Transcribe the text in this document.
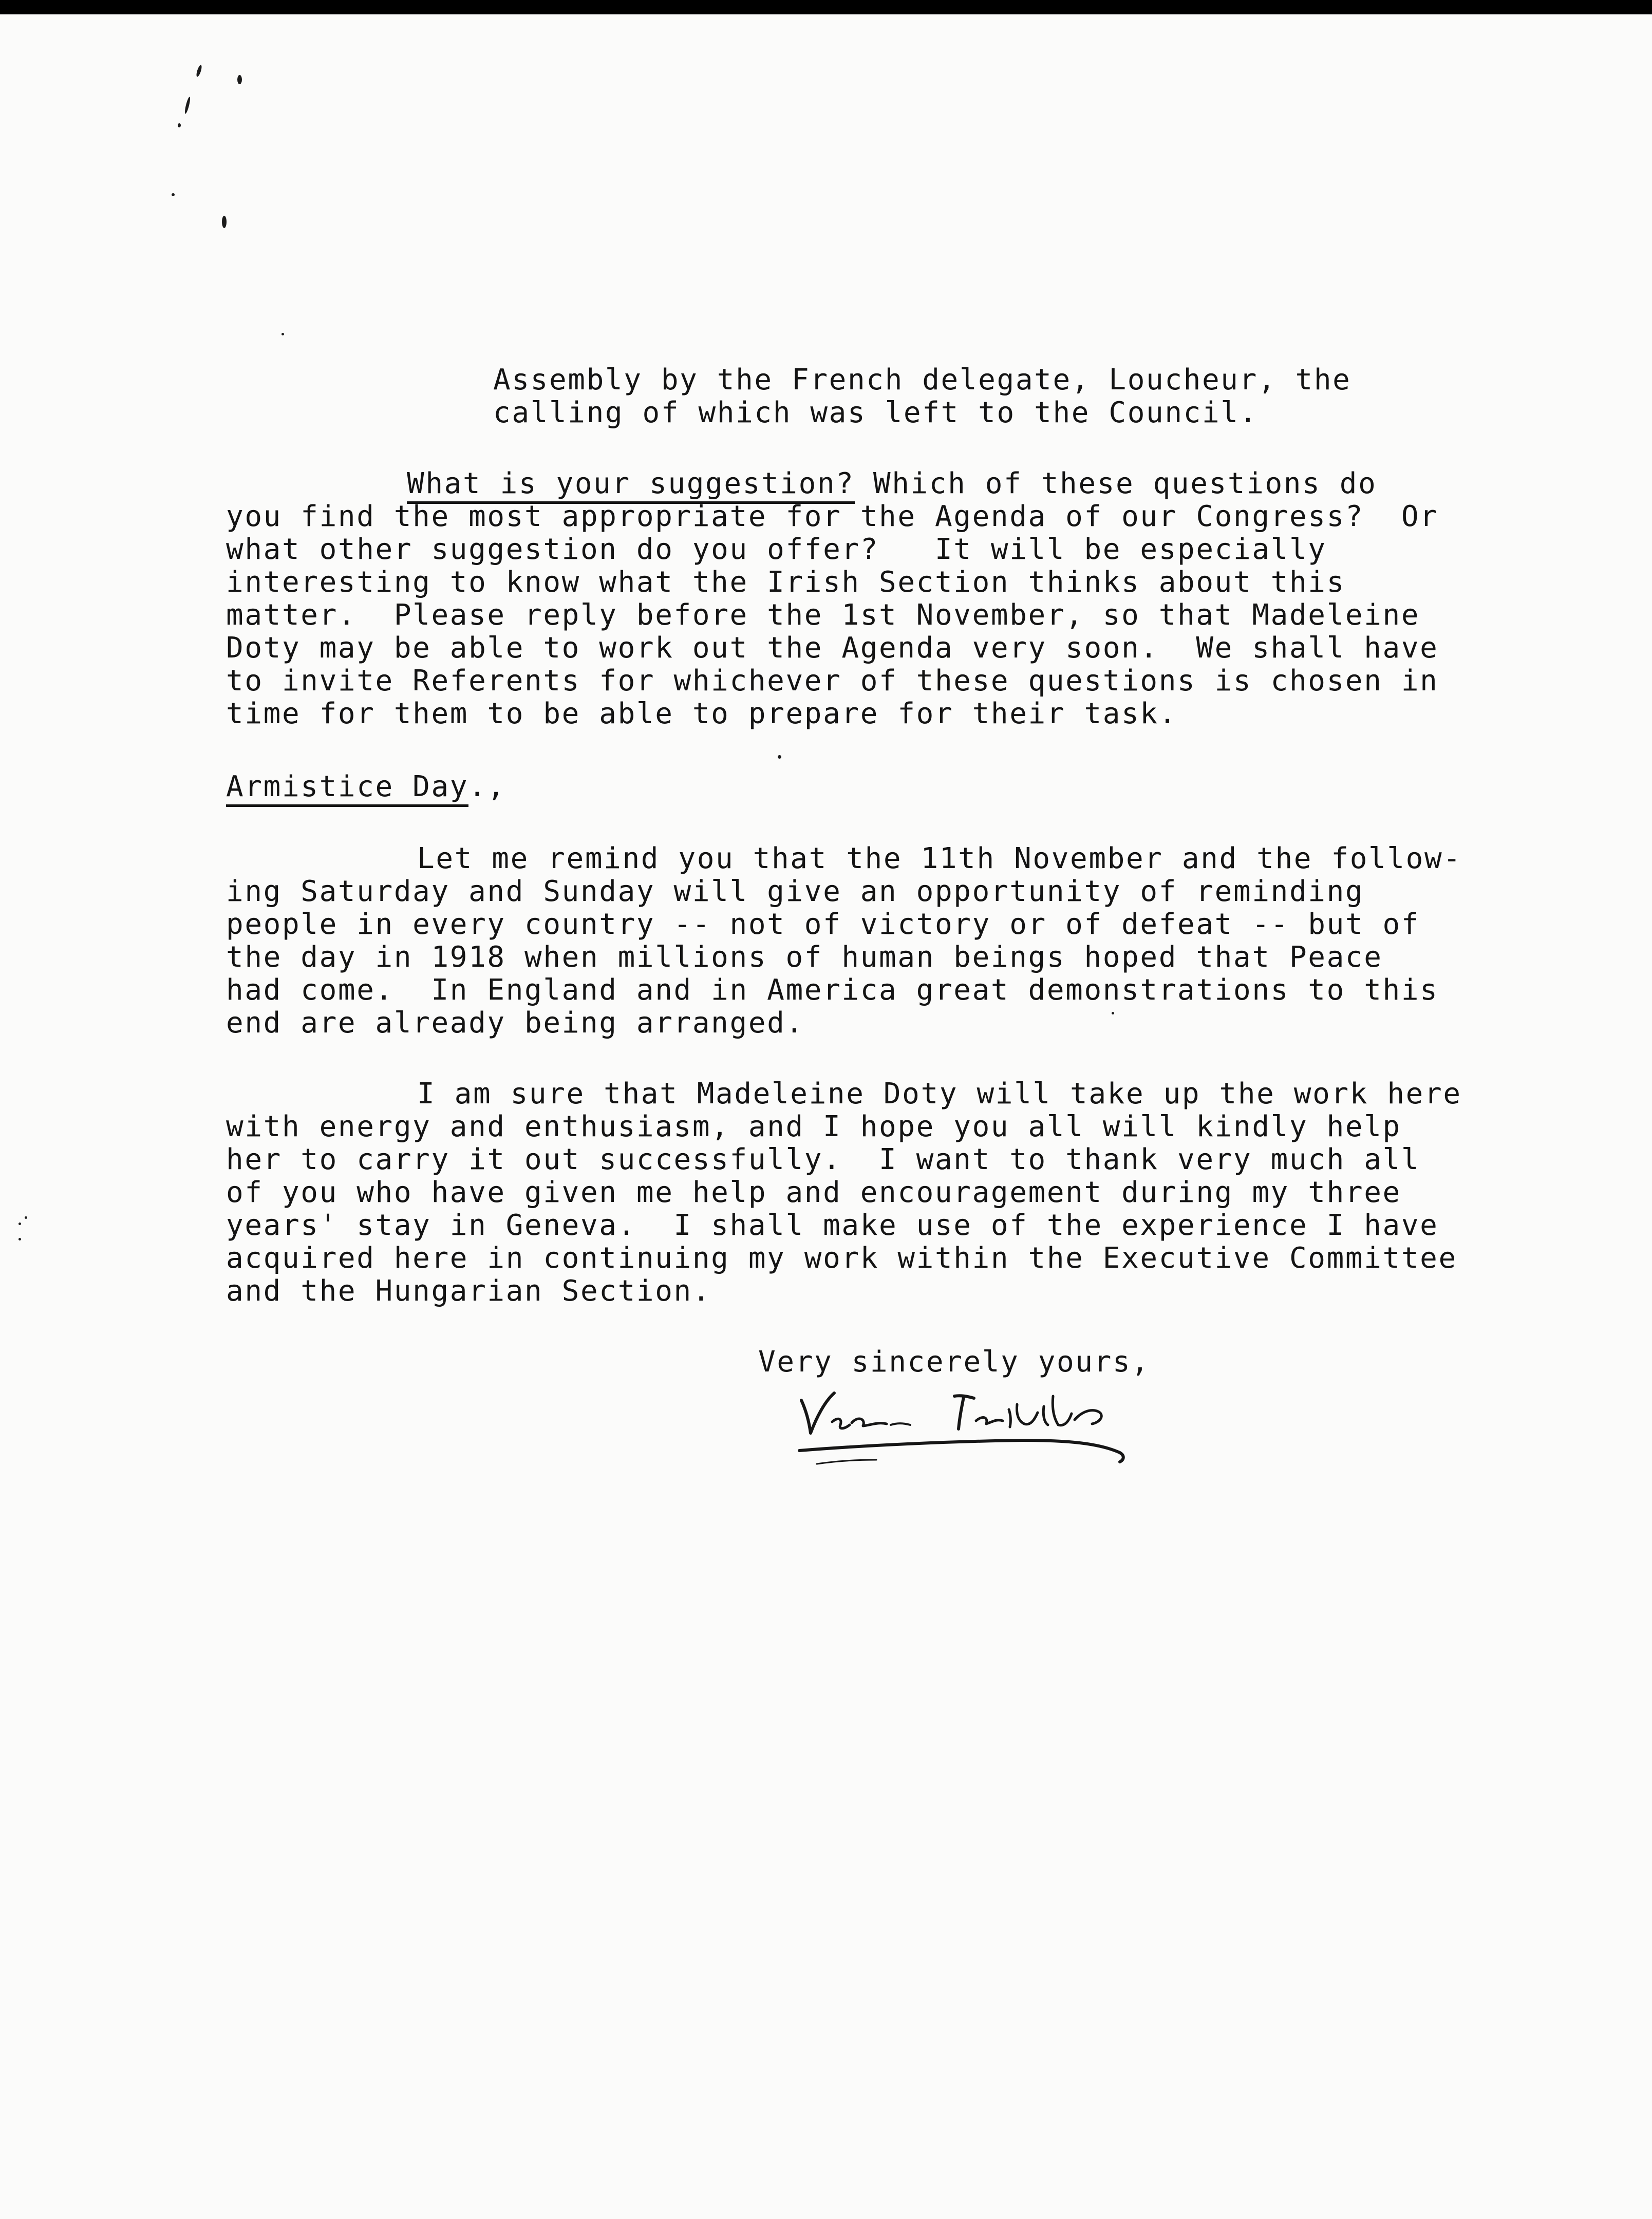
Assembly by the French delegate, Loucheur, the
calling of which was left to the Council.
What is your suggestion? Which of these questions do
you find the most appropriate for the Agenda of our Congress?  Or
what other suggestion do you offer?   It will be especially
interesting to know what the Irish Section thinks about this
matter.  Please reply before the 1st November, so that Madeleine
Doty may be able to work out the Agenda very soon.  We shall have
to invite Referents for whichever of these questions is chosen in
time for them to be able to prepare for their task.
Armistice Day.,
Let me remind you that the 11th November and the follow-
ing Saturday and Sunday will give an opportunity of reminding
people in every country -- not of victory or of defeat -- but of
the day in 1918 when millions of human beings hoped that Peace
had come.  In England and in America great demonstrations to this
end are already being arranged.
I am sure that Madeleine Doty will take up the work here
with energy and enthusiasm, and I hope you all will kindly help
her to carry it out successfully.  I want to thank very much all
of you who have given me help and encouragement during my three
years' stay in Geneva.  I shall make use of the experience I have
acquired here in continuing my work within the Executive Committee
and the Hungarian Section.
Very sincerely yours,
